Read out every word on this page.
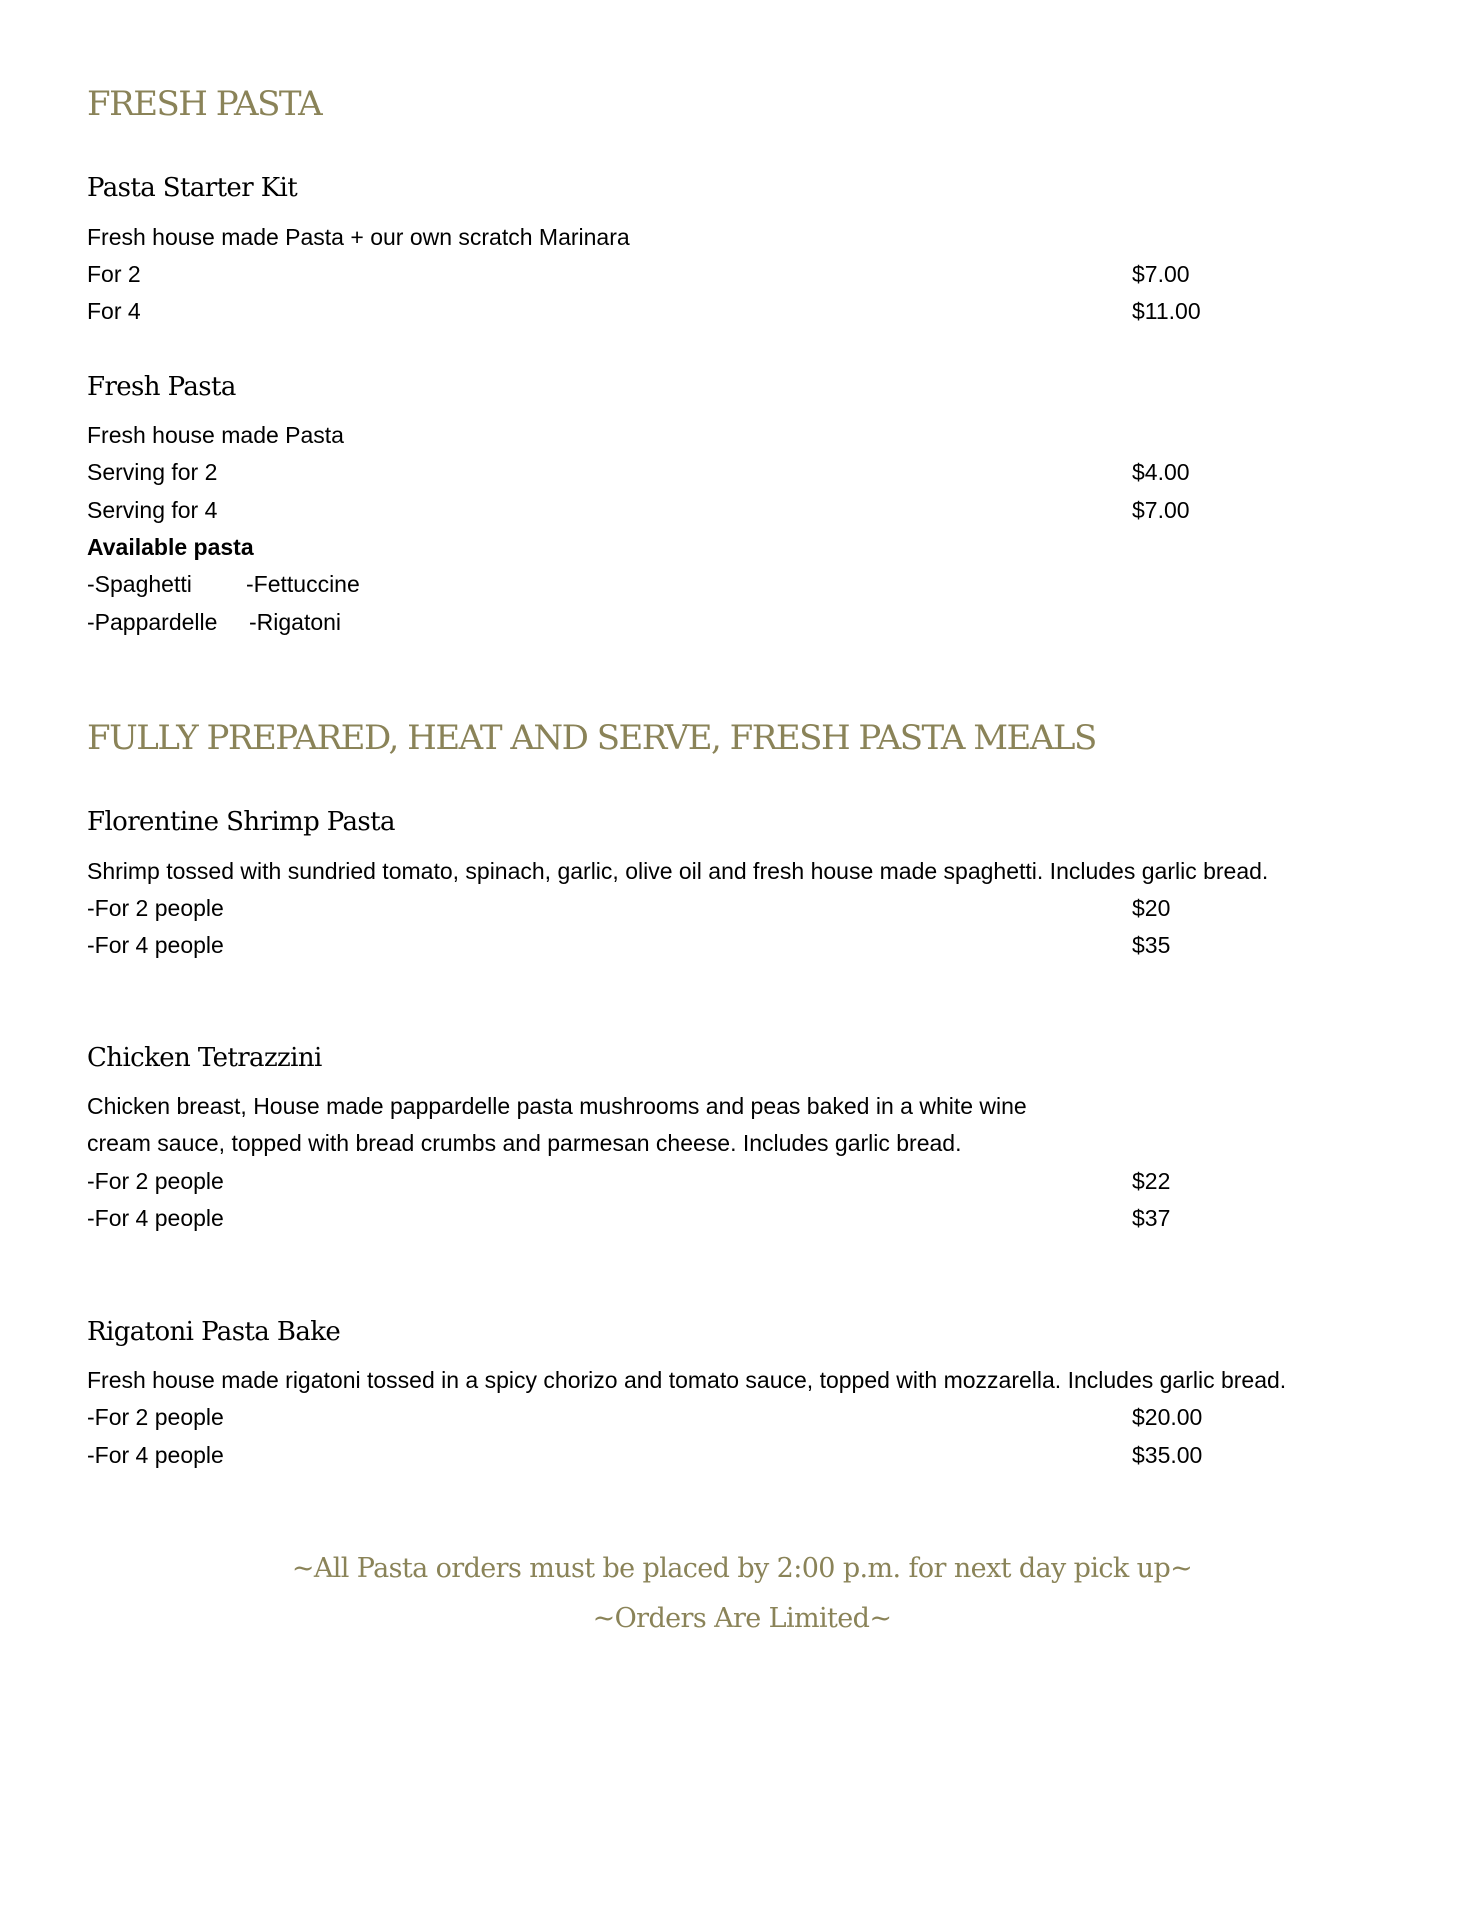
FRESH PASTA
Pasta Starter Kit
Fresh house made Pasta + our own scratch Marinara
For 2	$7.00
For 4	$11.00
Fresh Pasta
Fresh house made Pasta
Serving for 2	$4.00
Serving for 4	$7.00
Available pasta
-Spaghetti -Fettuccine
-Pappardelle -Rigatoni
FULLY PREPARED, HEAT AND SERVE, FRESH PASTA MEALS
Florentine Shrimp Pasta
Shrimp tossed with sundried tomato, spinach, garlic, olive oil and fresh house made spaghetti. Includes garlic bread.
-For 2 people	$20
-For 4 people	$35
Chicken Tetrazzini
Chicken breast, House made pappardelle pasta mushrooms and peas baked in a white wine
cream sauce, topped with bread crumbs and parmesan cheese. Includes garlic bread.
-For 2 people	$22
-For 4 people	$37
Rigatoni Pasta Bake
Fresh house made rigatoni tossed in a spicy chorizo and tomato sauce, topped with mozzarella. Includes garlic bread.
-For 2 people	$20.00
-For 4 people	$35.00
~All Pasta orders must be placed by 2:00 p.m. for next day pick up~
~Orders Are Limited~
